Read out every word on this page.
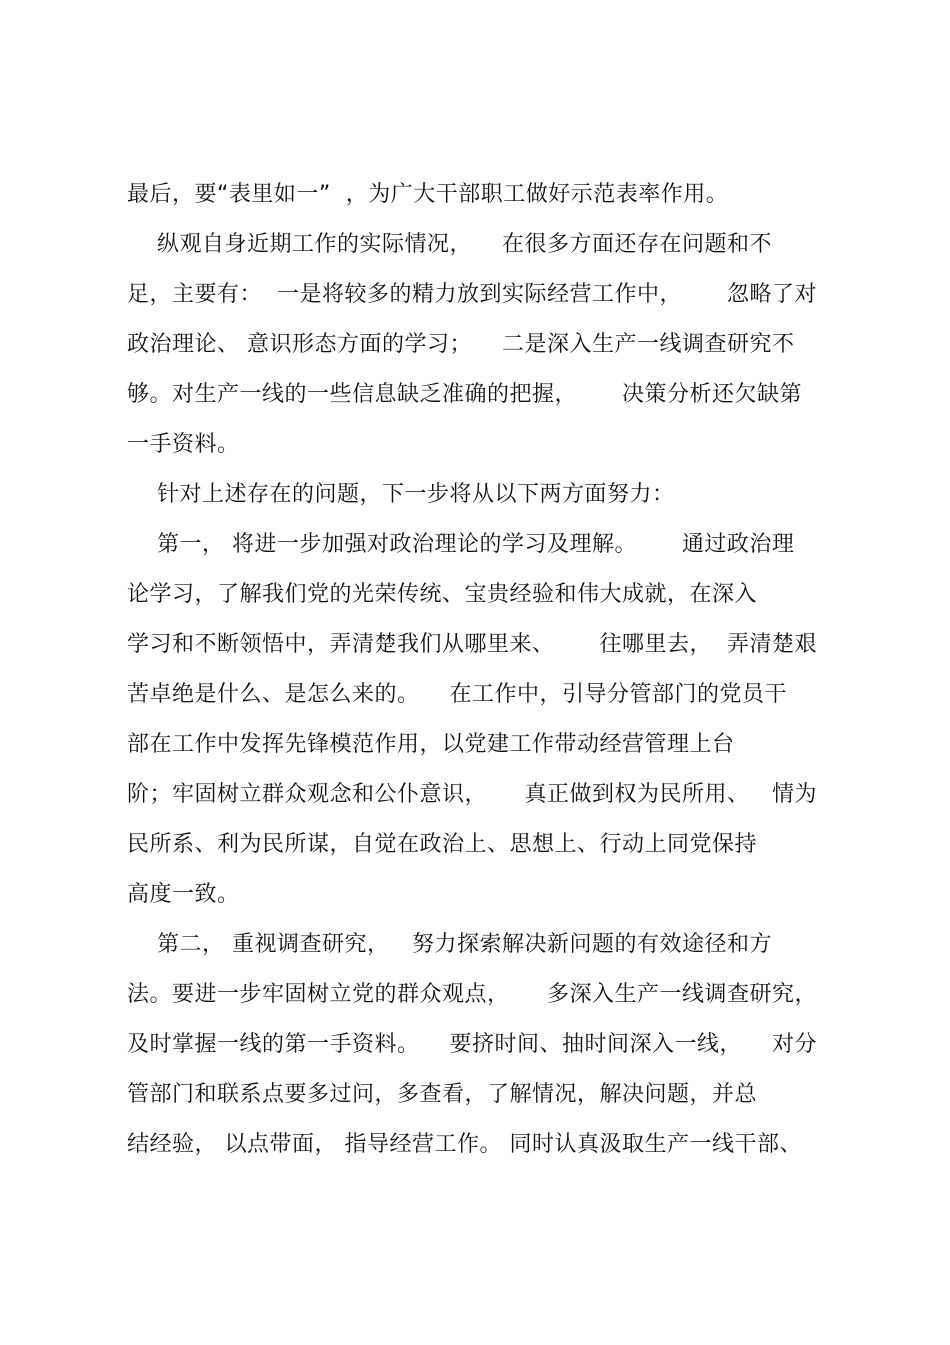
最后，要“表里如一”  ，为广大干部职工做好示范表率作用。
纵观自身近期工作的实际情况，    在很多方面还存在问题和不
足，主要有：  一是将较多的精力放到实际经营工作中，      忽略了对
政治理论、 意识形态方面的学习；    二是深入生产一线调查研究不
够。对生产一线的一些信息缺乏准确的把握，      决策分析还欠缺第
一手资料。
针对上述存在的问题，下一步将从以下两方面努力：
第一， 将进一步加强对政治理论的学习及理解。      通过政治理
论学习，了解我们党的光荣传统、宝贵经验和伟大成就，在深入
学习和不断领悟中，弄清楚我们从哪里来、      往哪里去，  弄清楚艰
苦卓绝是什么、是怎么来的。    在工作中，引导分管部门的党员干
部在工作中发挥先锋模范作用，以党建工作带动经营管理上台
阶；牢固树立群众观念和公仆意识，     真正做到权为民所用、   情为
民所系、利为民所谋，自觉在政治上、思想上、行动上同党保持
高度一致。
第二， 重视调查研究，   努力探索解决新问题的有效途径和方
法。要进一步牢固树立党的群众观点，     多深入生产一线调查研究，
及时掌握一线的第一手资料。    要挤时间、抽时间深入一线，    对分
管部门和联系点要多过问，多查看，了解情况，解决问题，并总
结经验， 以点带面， 指导经营工作。 同时认真汲取生产一线干部、
